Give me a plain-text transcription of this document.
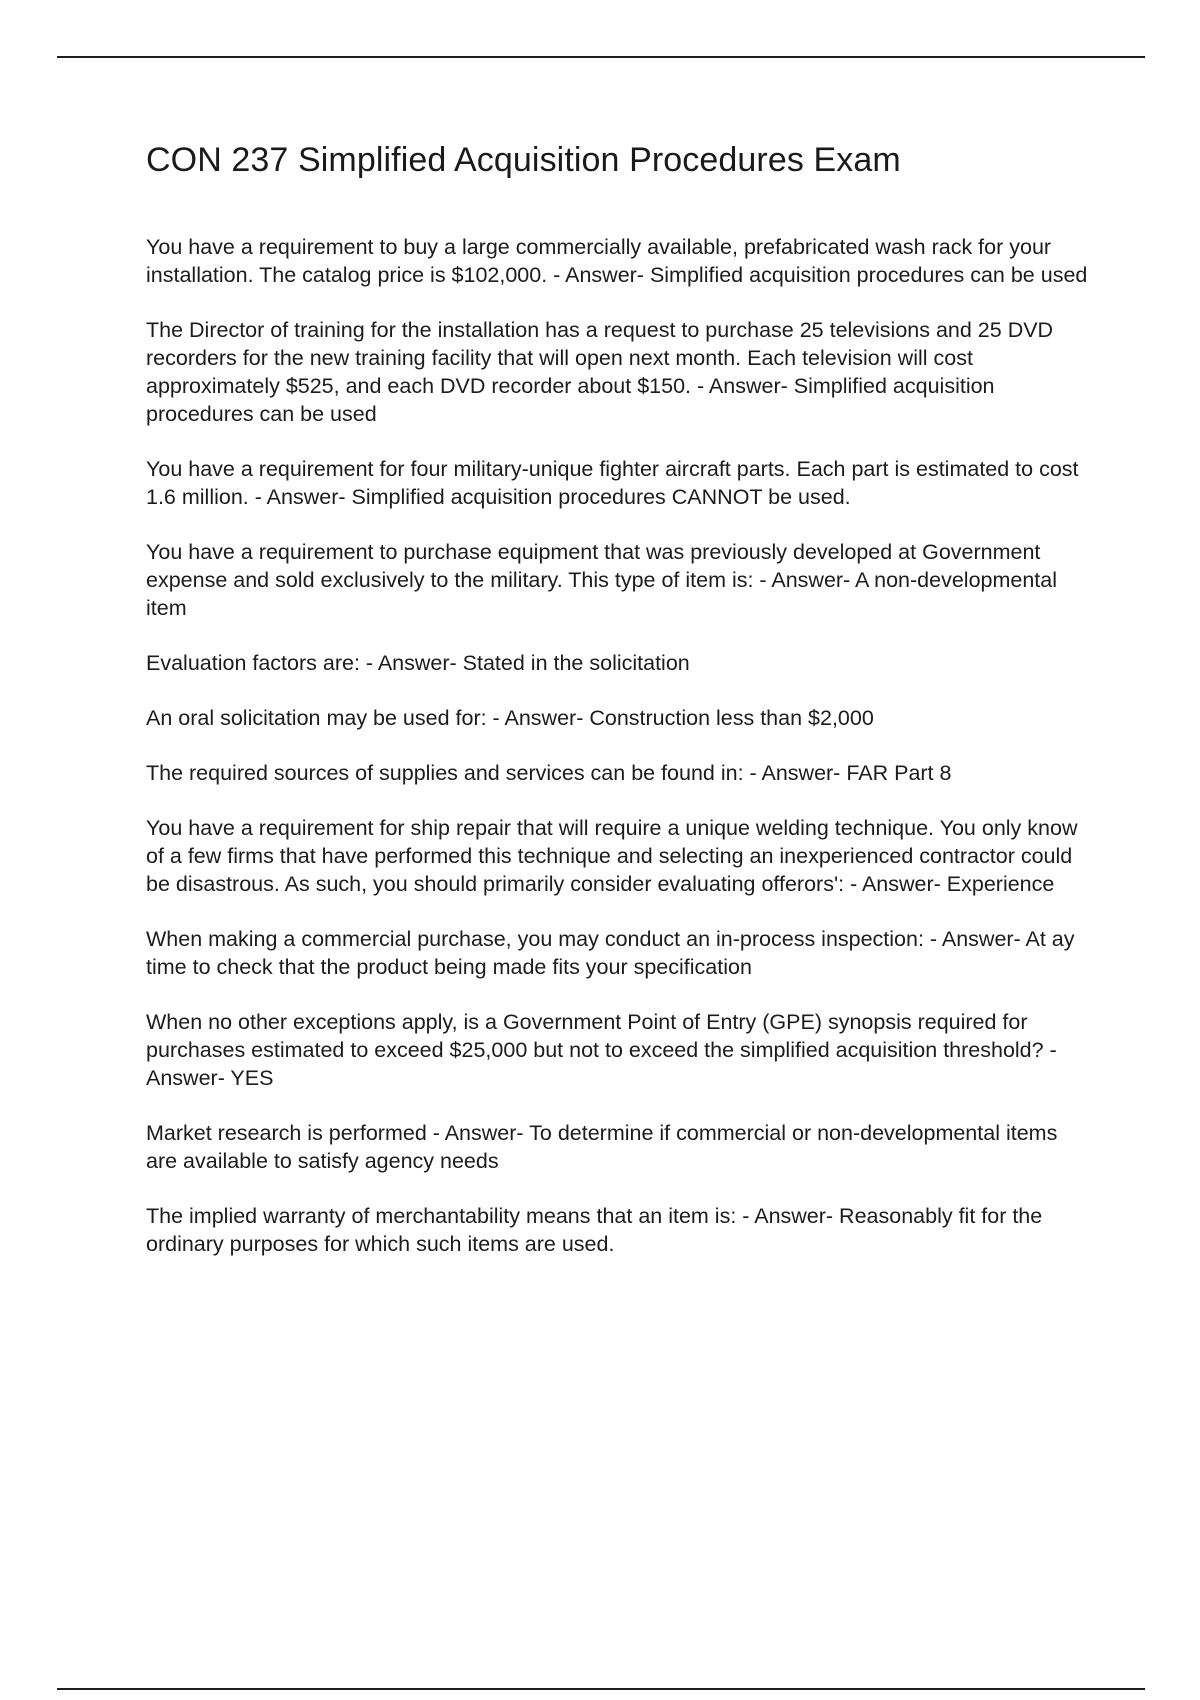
CON 237 Simplified Acquisition Procedures Exam

You have a requirement to buy a large commercially available, prefabricated wash rack for your installation. The catalog price is $102,000. - Answer- Simplified acquisition procedures can be used

The Director of training for the installation has a request to purchase 25 televisions and 25 DVD recorders for the new training facility that will open next month. Each television will cost approximately $525, and each DVD recorder about $150. - Answer- Simplified acquisition procedures can be used

You have a requirement for four military-unique fighter aircraft parts. Each part is estimated to cost 1.6 million. - Answer- Simplified acquisition procedures CANNOT be used.

You have a requirement to purchase equipment that was previously developed at Government expense and sold exclusively to the military. This type of item is: - Answer- A non-developmental item

Evaluation factors are: - Answer- Stated in the solicitation

An oral solicitation may be used for: - Answer- Construction less than $2,000

The required sources of supplies and services can be found in: - Answer- FAR Part 8

You have a requirement for ship repair that will require a unique welding technique. You only know of a few firms that have performed this technique and selecting an inexperienced contractor could be disastrous. As such, you should primarily consider evaluating offerors': - Answer- Experience

When making a commercial purchase, you may conduct an in-process inspection: - Answer- At ay time to check that the product being made fits your specification

When no other exceptions apply, is a Government Point of Entry (GPE) synopsis required for purchases estimated to exceed $25,000 but not to exceed the simplified acquisition threshold? - Answer- YES

Market research is performed - Answer- To determine if commercial or non-developmental items are available to satisfy agency needs

The implied warranty of merchantability means that an item is: - Answer- Reasonably fit for the ordinary purposes for which such items are used.
